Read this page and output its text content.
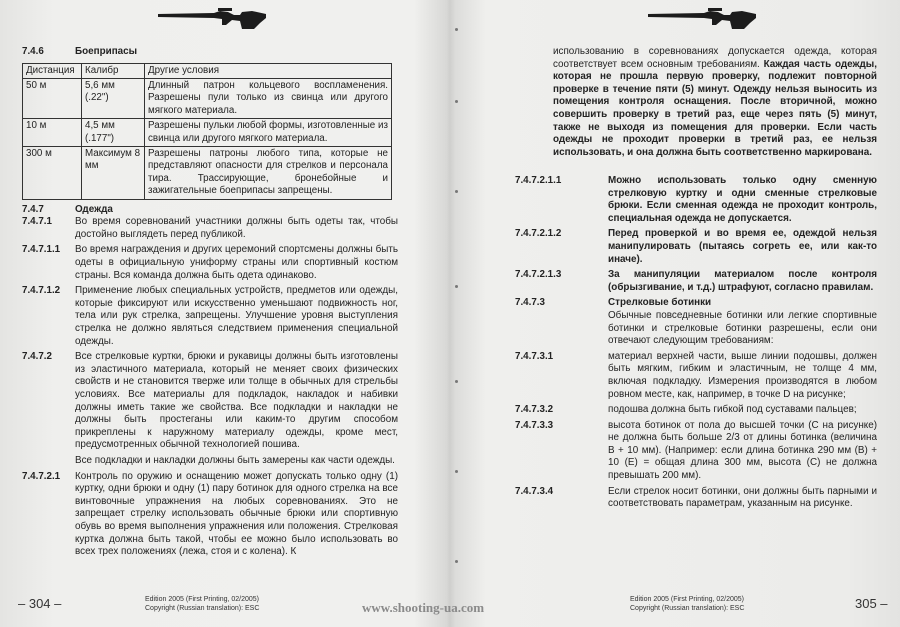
7.4.6	Боеприпасы
Дистанция	Калибр	Другие условия
50 м	5,6 мм (.22")	Длинный патрон кольцевого воспламенения. Разрешены пули только из свинца или другого мягкого материала.
10 м	4,5 мм (.177")	Разрешены пульки любой формы, изготовленные из свинца или другого мягкого материала.
300 м	Максимум 8 мм	Разрешены патроны любого типа, которые не представляют опасности для стрелков и персонала тира. Трассирующие, бронебойные и зажигательные боеприпасы запрещены.
7.4.7	Одежда
7.4.7.1	Во время соревнований участники должны быть одеты так, чтобы достойно выглядеть перед публикой.
7.4.7.1.1	Во время награждения и других церемоний спортсмены должны быть одеты в официальную униформу страны или спортивный костюм страны. Вся команда должна быть одета одинаково.
7.4.7.1.2	Применение любых специальных устройств, предметов или одежды, которые фиксируют или искусственно уменьшают подвижность ног, тела или рук стрелка, запрещены. Улучшение уровня выступления стрелка не должно являться следствием применения специальной одежды.
7.4.7.2	Все стрелковые куртки, брюки и рукавицы должны быть изготовлены из эластичного материала, который не меняет своих физических свойств и не становится тверже или толще в обычных для стрельбы условиях. Все материалы для подкладок, накладок и набивки должны иметь такие же свойства. Все подкладки и накладки не должны быть простеганы или каким-то другим способом прикреплены к наружному материалу одежды, кроме мест, предусмотренных обычной технологией пошива.
Все подкладки и накладки должны быть замерены как части одежды.
7.4.7.2.1	Контроль по оружию и оснащению может допускать только одну (1) куртку, одни брюки и одну (1) пару ботинок для одного стрелка на все винтовочные упражнения на любых соревнованиях. Это не запрещает стрелку использовать обычные брюки или спортивную обувь во время выполнения упражнения или положения. Стрелковая куртка должна быть такой, чтобы ее можно было использовать во всех трех положениях (лежа, стоя и с колена). К
– 304 –	Edition 2005 (First Printing, 02/2005)
Copyright (Russian translation): ESC
использованию в соревнованиях допускается одежда, которая соответствует всем основным требованиям. Каждая часть одежды, которая не прошла первую проверку, подлежит повторной проверке в течение пяти (5) минут. Одежду нельзя выносить из помещения контроля оснащения. После вторичной, можно совершить проверку в третий раз, еще через пять (5) минут, также не выходя из помещения для проверки. Если часть одежды не проходит проверки в третий раз, ее нельзя использовать, и она должна быть соответственно маркирована.
7.4.7.2.1.1	Можно использовать только одну сменную стрелковую куртку и одни сменные стрелковые брюки. Если сменная одежда не проходит контроль, специальная одежда не допускается.
7.4.7.2.1.2	Перед проверкой и во время ее, одеждой нельзя манипулировать (пытаясь согреть ее, или как-то иначе).
7.4.7.2.1.3	За манипуляции материалом после контроля (обрызгивание, и т.д.) штрафуют, согласно правилам.
7.4.7.3	Стрелковые ботинки
Обычные повседневные ботинки или легкие спортивные ботинки и стрелковые ботинки разрешены, если они отвечают следующим требованиям:
7.4.7.3.1	материал верхней части, выше линии подошвы, должен быть мягким, гибким и эластичным, не толще 4 мм, включая подкладку. Измерения производятся в любом ровном месте, как, например, в точке D на рисунке;
7.4.7.3.2	подошва должна быть гибкой под суставами пальцев;
7.4.7.3.3	высота ботинок от пола до высшей точки (С на рисунке) не должна быть больше 2/3 от длины ботинка (величина В + 10 мм). (Например: если длина ботинка 290 мм (В) + 10 (Е) = общая длина 300 мм, высота (С) не должна превышать 200 мм).
7.4.7.3.4	Если стрелок носит ботинки, они должны быть парными и соответствовать параметрам, указанным на рисунке.
Edition 2005 (First Printing, 02/2005)
Copyright (Russian translation): ESC	305 –
www.shooting-ua.com
